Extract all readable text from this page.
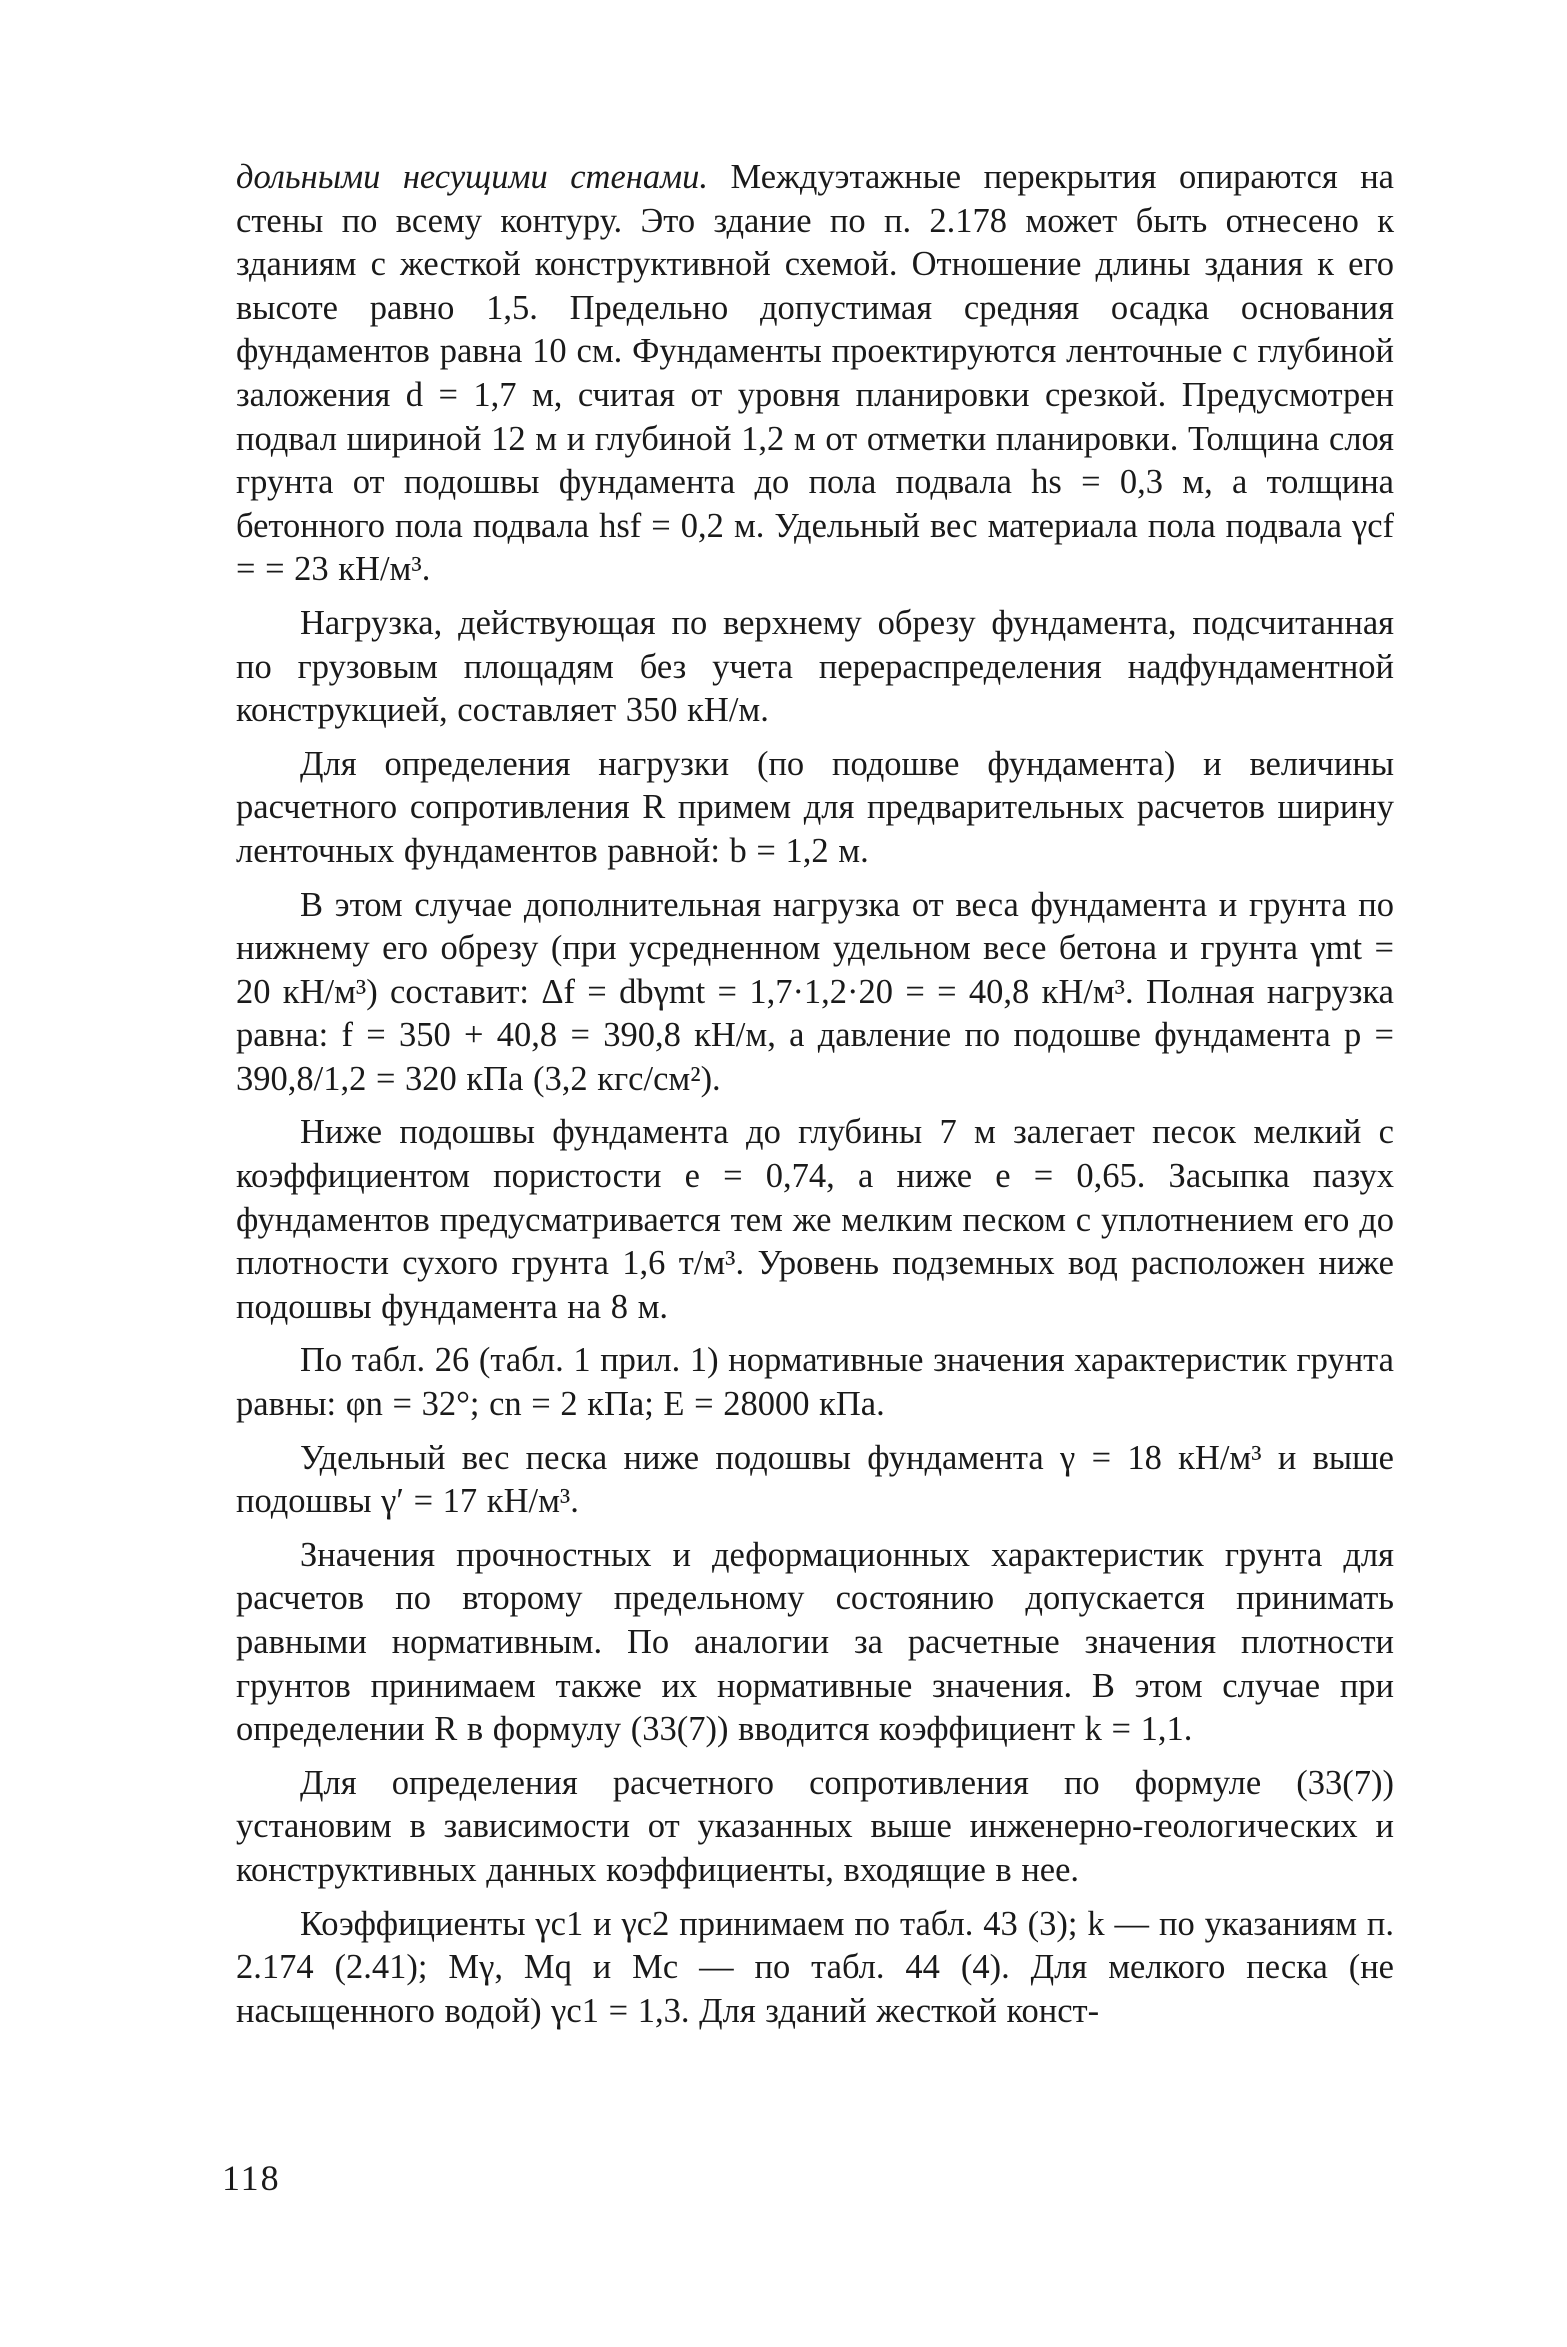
дольными несущими стенами. Междуэтажные перекрытия опираются на стены по всему контуру. Это здание по п. 2.178 может быть отнесено к зданиям с жесткой конструктивной схемой. Отношение длины здания к его высоте равно 1,5. Предельно допустимая средняя осадка основания фундаментов равна 10 см. Фундаменты проектируются ленточные с глубиной заложения d = 1,7 м, считая от уровня планировки срезкой. Предусмотрен подвал шириной 12 м и глубиной 1,2 м от отметки планировки. Толщина слоя грунта от подошвы фундамента до пола подвала hs = 0,3 м, а толщина бетонного пола подвала hsf = 0,2 м. Удельный вес материала пола подвала γcf = = 23 кН/м³.

Нагрузка, действующая по верхнему обрезу фундамента, подсчитанная по грузовым площадям без учета перераспределения надфундаментной конструкцией, составляет 350 кН/м.

Для определения нагрузки (по подошве фундамента) и величины расчетного сопротивления R примем для предварительных расчетов ширину ленточных фундаментов равной: b = 1,2 м.

В этом случае дополнительная нагрузка от веса фундамента и грунта по нижнему его обрезу (при усредненном удельном весе бетона и грунта γmt = 20 кН/м³) составит: Δf = dbγmt = 1,7·1,2·20 = = 40,8 кН/м³. Полная нагрузка равна: f = 350 + 40,8 = 390,8 кН/м, а давление по подошве фундамента p = 390,8/1,2 = 320 кПа (3,2 кгс/см²).

Ниже подошвы фундамента до глубины 7 м залегает песок мелкий с коэффициентом пористости e = 0,74, а ниже e = 0,65. Засыпка пазух фундаментов предусматривается тем же мелким песком с уплотнением его до плотности сухого грунта 1,6 т/м³. Уровень подземных вод расположен ниже подошвы фундамента на 8 м.

По табл. 26 (табл. 1 прил. 1) нормативные значения характеристик грунта равны: φn = 32°; cn = 2 кПа; E = 28000 кПа.

Удельный вес песка ниже подошвы фундамента γ = 18 кН/м³ и выше подошвы γ′ = 17 кН/м³.

Значения прочностных и деформационных характеристик грунта для расчетов по второму предельному состоянию допускается принимать равными нормативным. По аналогии за расчетные значения плотности грунтов принимаем также их нормативные значения. В этом случае при определении R в формулу (33(7)) вводится коэффициент k = 1,1.

Для определения расчетного сопротивления по формуле (33(7)) установим в зависимости от указанных выше инженерно-геологических и конструктивных данных коэффициенты, входящие в нее.

Коэффициенты γc1 и γc2 принимаем по табл. 43 (3); k — по указаниям п. 2.174 (2.41); Mγ, Mq и Mc — по табл. 44 (4). Для мелкого песка (не насыщенного водой) γc1 = 1,3. Для зданий жесткой конст-

118
